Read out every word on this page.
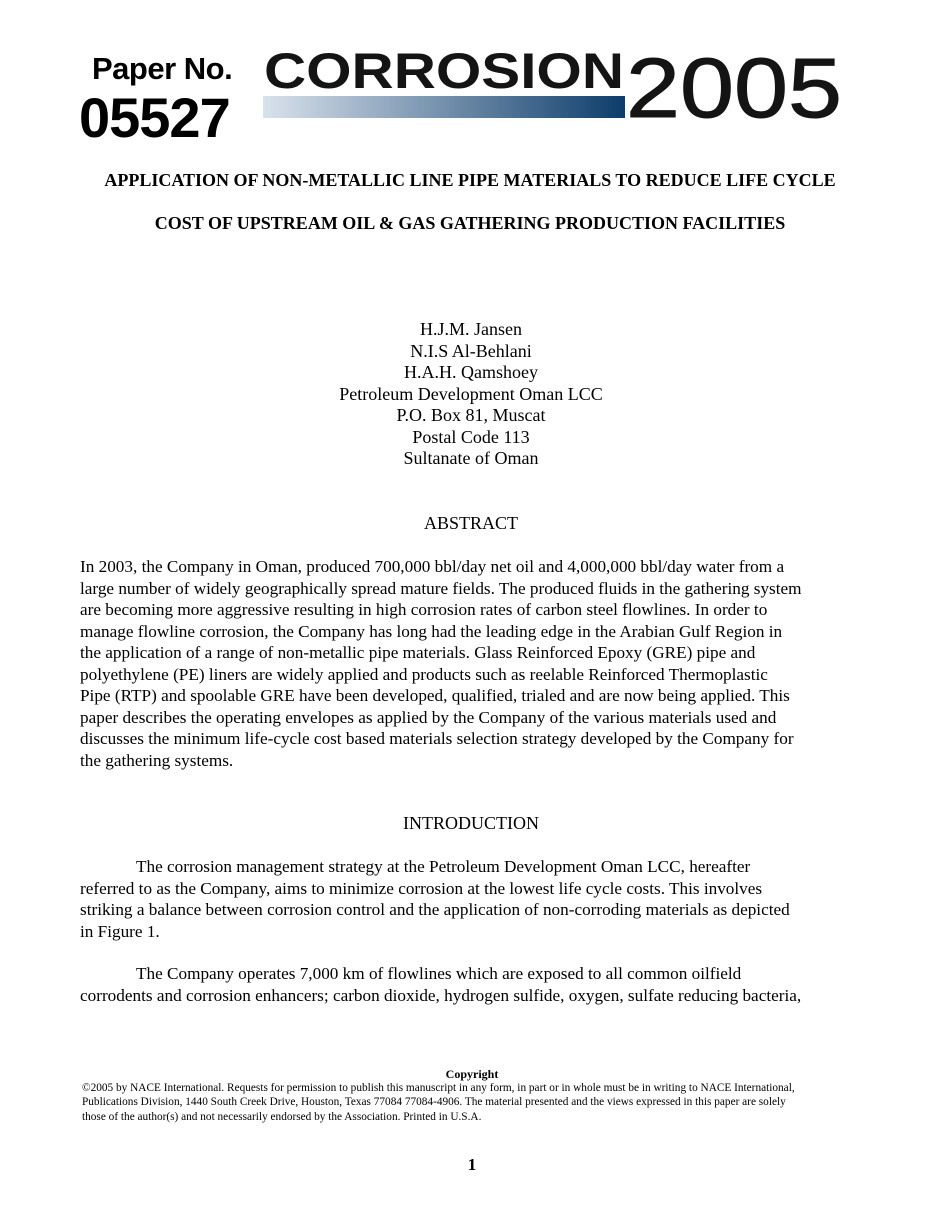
Paper No.
05527
CORROSION 2005
APPLICATION OF NON-METALLIC LINE PIPE MATERIALS TO REDUCE LIFE CYCLE
COST OF UPSTREAM OIL & GAS GATHERING PRODUCTION FACILITIES
H.J.M. Jansen
N.I.S Al-Behlani
H.A.H. Qamshoey
Petroleum Development Oman LCC
P.O. Box 81, Muscat
Postal Code 113
Sultanate of Oman
ABSTRACT
In 2003, the Company in Oman, produced 700,000 bbl/day net oil and 4,000,000 bbl/day water from a
large number of widely geographically spread mature fields. The produced fluids in the gathering system
are becoming more aggressive resulting in high corrosion rates of carbon steel flowlines. In order to
manage flowline corrosion, the Company has long had the leading edge in the Arabian Gulf Region in
the application of a range of non-metallic pipe materials. Glass Reinforced Epoxy (GRE) pipe and
polyethylene (PE) liners are widely applied and products such as reelable Reinforced Thermoplastic
Pipe (RTP) and spoolable GRE have been developed, qualified, trialed and are now being applied. This
paper describes the operating envelopes as applied by the Company of the various materials used and
discusses the minimum life-cycle cost based materials selection strategy developed by the Company for
the gathering systems.
INTRODUCTION
The corrosion management strategy at the Petroleum Development Oman LCC, hereafter
referred to as the Company, aims to minimize corrosion at the lowest life cycle costs. This involves
striking a balance between corrosion control and the application of non-corroding materials as depicted
in Figure 1.
The Company operates 7,000 km of flowlines which are exposed to all common oilfield
corrodents and corrosion enhancers; carbon dioxide, hydrogen sulfide, oxygen, sulfate reducing bacteria,
Copyright
©2005 by NACE International. Requests for permission to publish this manuscript in any form, in part or in whole must be in writing to NACE International,
Publications Division, 1440 South Creek Drive, Houston, Texas 77084 77084-4906. The material presented and the views expressed in this paper are solely
those of the author(s) and not necessarily endorsed by the Association. Printed in U.S.A.
1
